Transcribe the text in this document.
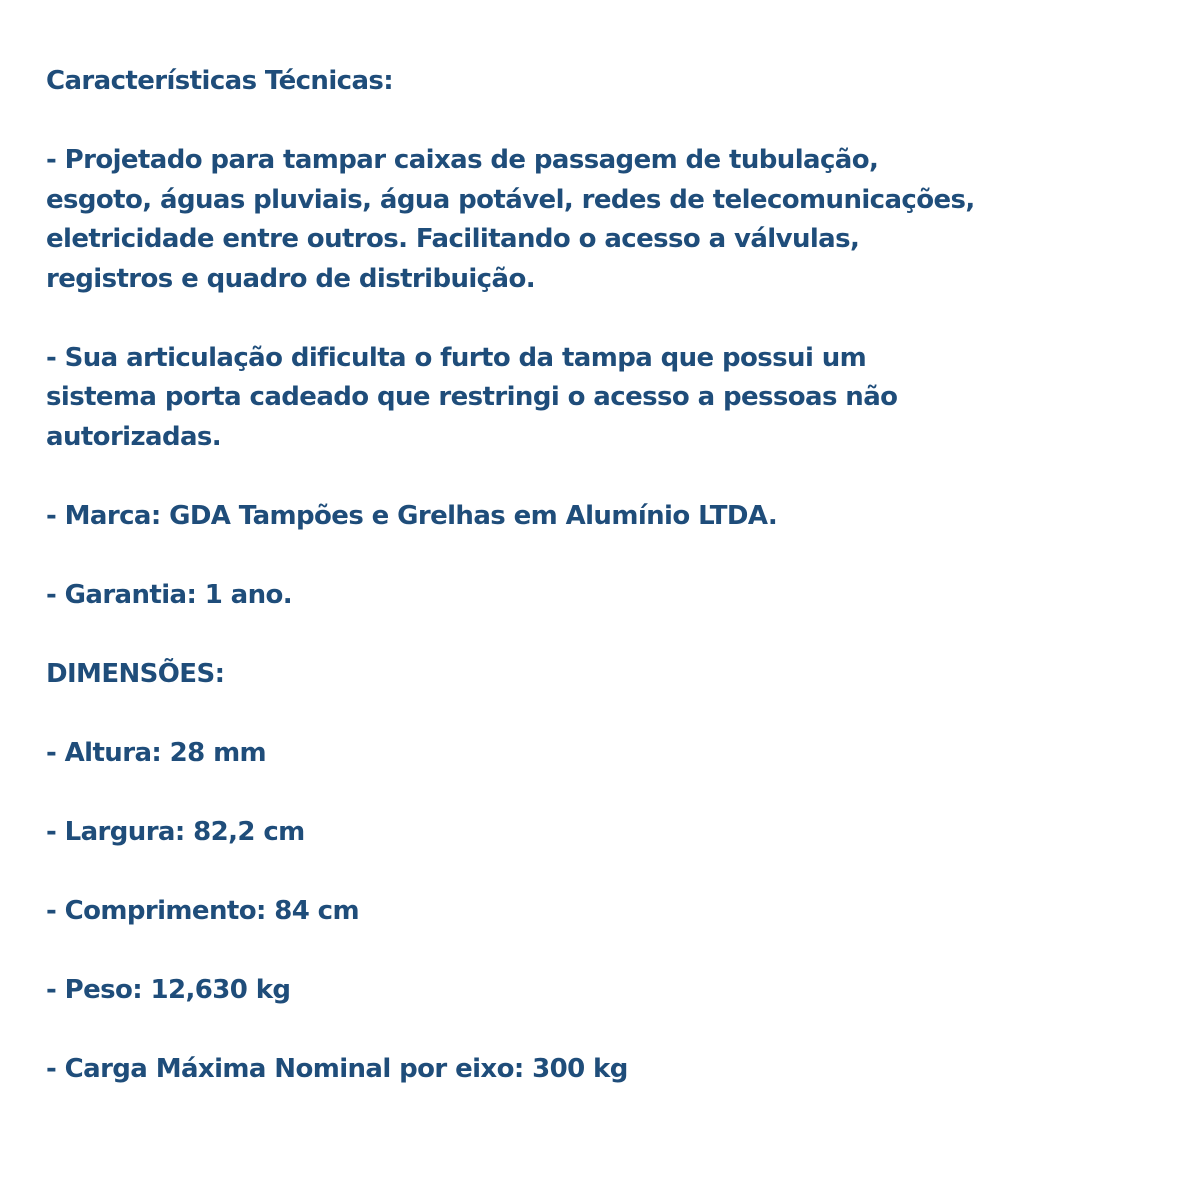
Características Técnicas:

- Projetado para tampar caixas de passagem de tubulação,
esgoto, águas pluviais, água potável, redes de telecomunicações,
eletricidade entre outros. Facilitando o acesso a válvulas,
registros e quadro de distribuição.

- Sua articulação dificulta o furto da tampa que possui um
sistema porta cadeado que restringi o acesso a pessoas não
autorizadas.

- Marca: GDA Tampões e Grelhas em Alumínio LTDA.

- Garantia: 1 ano.

DIMENSÕES:

- Altura: 28 mm

- Largura: 82,2 cm

- Comprimento: 84 cm

- Peso: 12,630 kg

- Carga Máxima Nominal por eixo: 300 kg
